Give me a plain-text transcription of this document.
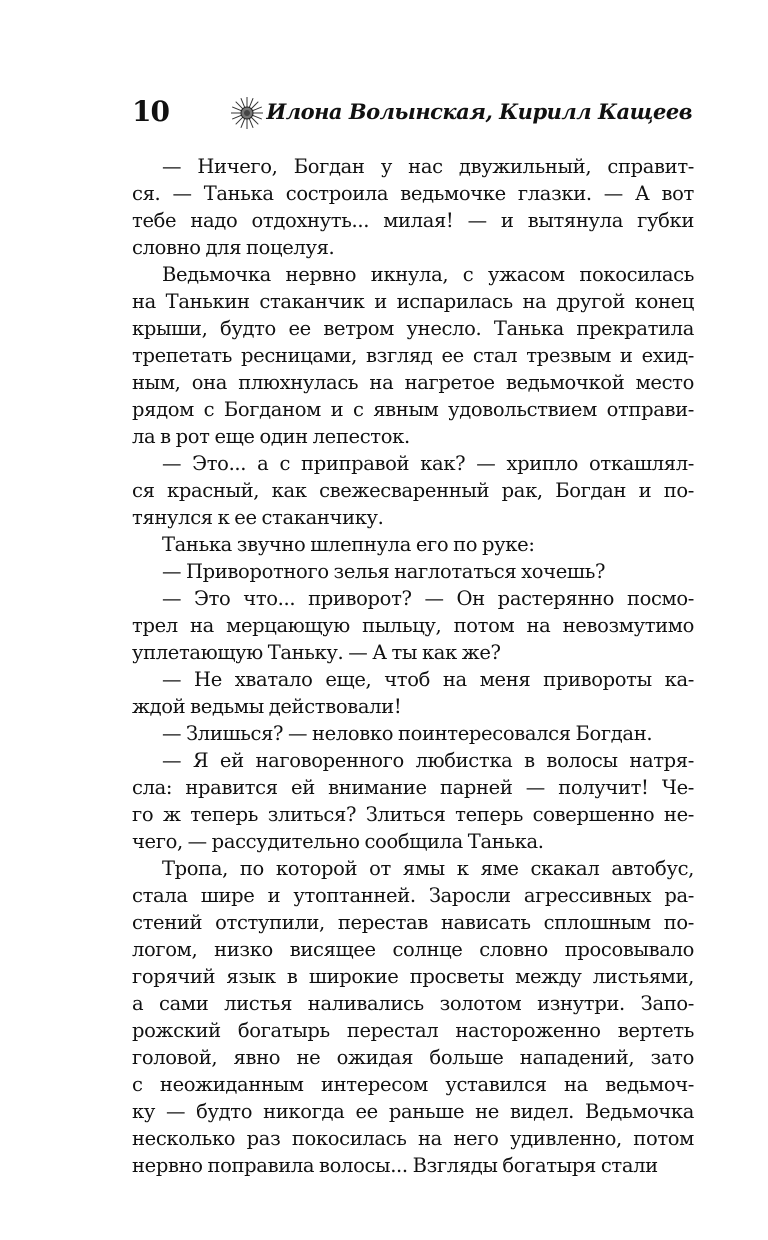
10	Илона Волынская, Кирилл Кащеев
— Ничего, Богдан у нас двужильный, справит-
ся. — Танька состроила ведьмочке глазки. — А вот
тебе надо отдохнуть... милая! — и вытянула губки
словно для поцелуя.
Ведьмочка нервно икнула, с ужасом покосилась
на Танькин стаканчик и испарилась на другой конец
крыши, будто ее ветром унесло. Танька прекратила
трепетать ресницами, взгляд ее стал трезвым и ехид-
ным, она плюхнулась на нагретое ведьмочкой место
рядом с Богданом и с явным удовольствием отправи-
ла в рот еще один лепесток.
— Это... а с приправой как? — хрипло откашлял-
ся красный, как свежесваренный рак, Богдан и по-
тянулся к ее стаканчику.
Танька звучно шлепнула его по руке:
— Приворотного зелья наглотаться хочешь?
— Это что... приворот? — Он растерянно посмо-
трел на мерцающую пыльцу, потом на невозмутимо
уплетающую Таньку. — А ты как же?
— Не хватало еще, чтоб на меня привороты ка-
ждой ведьмы действовали!
— Злишься? — неловко поинтересовался Богдан.
— Я ей наговоренного любистка в волосы натря-
сла: нравится ей внимание парней — получит! Че-
го ж теперь злиться? Злиться теперь совершенно не-
чего, — рассудительно сообщила Танька.
Тропа, по которой от ямы к яме скакал автобус,
стала шире и утоптанней. Заросли агрессивных ра-
стений отступили, перестав нависать сплошным по-
логом, низко висящее солнце словно просовывало
горячий язык в широкие просветы между листьями,
а сами листья наливались золотом изнутри. Запо-
рожский богатырь перестал настороженно вертеть
головой, явно не ожидая больше нападений, зато
с неожиданным интересом уставился на ведьмоч-
ку — будто никогда ее раньше не видел. Ведьмочка
несколько раз покосилась на него удивленно, потом
нервно поправила волосы... Взгляды богатыря стали
